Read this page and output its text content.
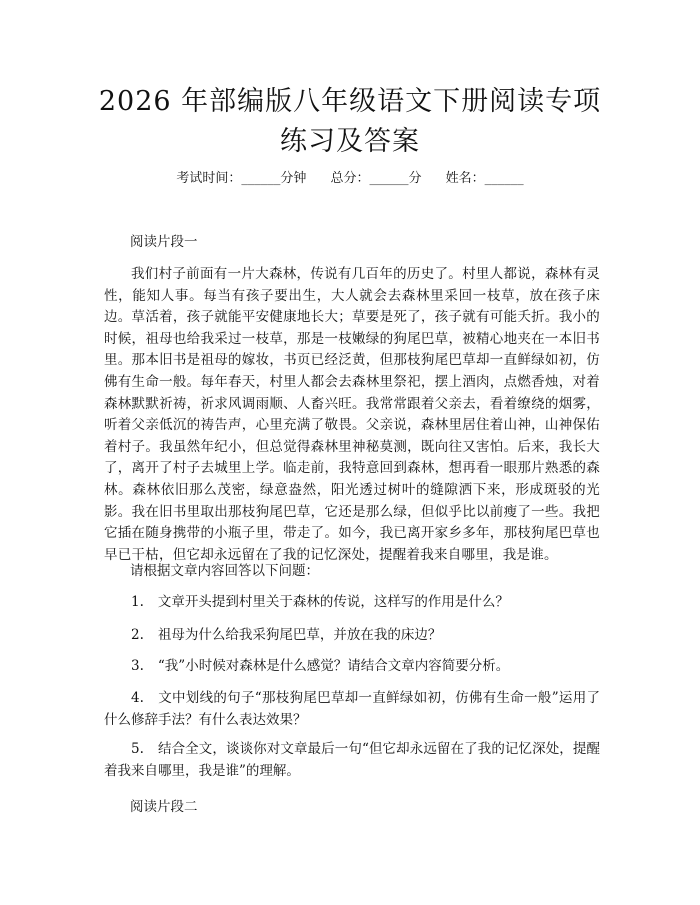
2026 年部编版八年级语文下册阅读专项练习及答案
考试时间：______分钟 总分：______分 姓名：______
阅读片段一
我们村子前面有一片大森林，传说有几百年的历史了。村里人都说，森林有灵性，能知人事。每当有孩子要出生，大人就会去森林里采回一枝草，放在孩子床边。草活着，孩子就能平安健康地长大；草要是死了，孩子就有可能夭折。我小的时候，祖母也给我采过一枝草，那是一枝嫩绿的狗尾巴草，被精心地夹在一本旧书里。那本旧书是祖母的嫁妆，书页已经泛黄，但那枝狗尾巴草却一直鲜绿如初，仿佛有生命一般。每年春天，村里人都会去森林里祭祀，摆上酒肉，点燃香烛，对着森林默默祈祷，祈求风调雨顺、人畜兴旺。我常常跟着父亲去，看着缭绕的烟雾，听着父亲低沉的祷告声，心里充满了敬畏。父亲说，森林里居住着山神，山神保佑着村子。我虽然年纪小，但总觉得森林里神秘莫测，既向往又害怕。后来，我长大了，离开了村子去城里上学。临走前，我特意回到森林，想再看一眼那片熟悉的森林。森林依旧那么茂密，绿意盎然，阳光透过树叶的缝隙洒下来，形成斑驳的光影。我在旧书里取出那枝狗尾巴草，它还是那么绿，但似乎比以前瘦了一些。我把它插在随身携带的小瓶子里，带走了。如今，我已离开家乡多年，那枝狗尾巴草也早已干枯，但它却永远留在了我的记忆深处，提醒着我来自哪里，我是谁。
请根据文章内容回答以下问题：
1. 文章开头提到村里关于森林的传说，这样写的作用是什么？
2. 祖母为什么给我采狗尾巴草，并放在我的床边？
3. “我”小时候对森林是什么感觉？请结合文章内容简要分析。
4. 文中划线的句子“那枝狗尾巴草却一直鲜绿如初，仿佛有生命一般”运用了什么修辞手法？有什么表达效果？
5. 结合全文，谈谈你对文章最后一句“但它却永远留在了我的记忆深处，提醒着我来自哪里，我是谁”的理解。
阅读片段二
